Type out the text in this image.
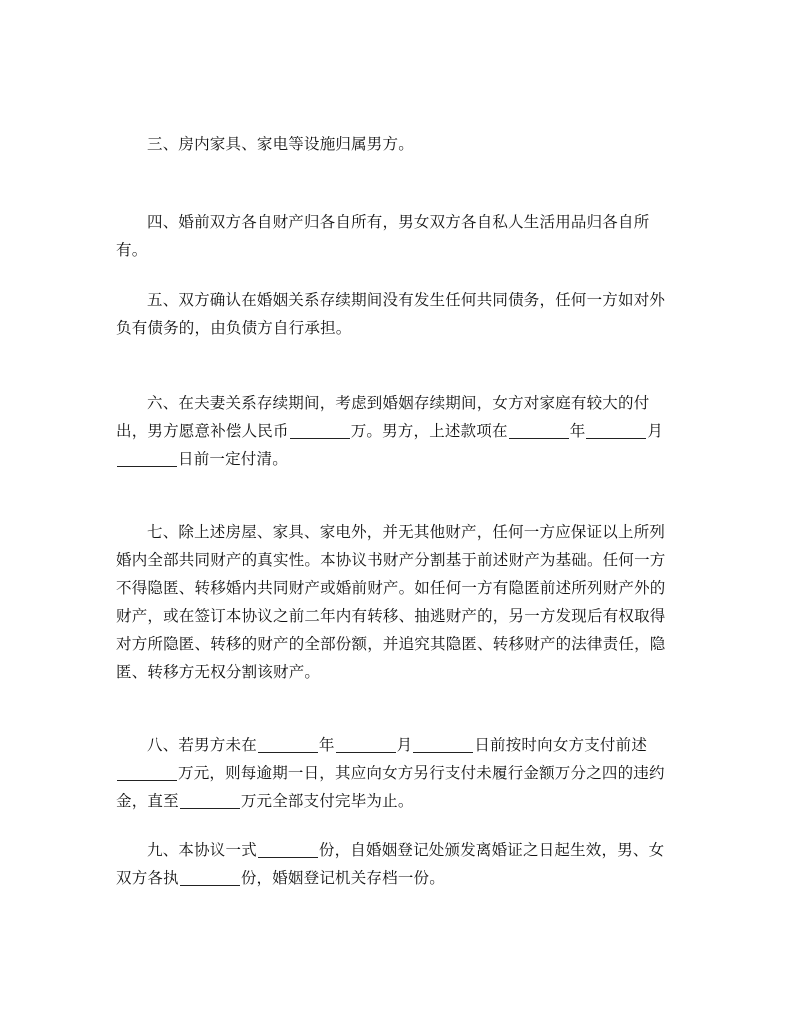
三、房内家具、家电等设施归属男方。

四、婚前双方各自财产归各自所有，男女双方各自私人生活用品归各自所有。

五、双方确认在婚姻关系存续期间没有发生任何共同债务，任何一方如对外负有债务的，由负债方自行承担。

六、在夫妻关系存续期间，考虑到婚姻存续期间，女方对家庭有较大的付出，男方愿意补偿人民币	万。男方，上述款项在	年	月日前一定付清。

七、除上述房屋、家具、家电外，并无其他财产，任何一方应保证以上所列婚内全部共同财产的真实性。本协议书财产分割基于前述财产为基础。任何一方不得隐匿、转移婚内共同财产或婚前财产。如任何一方有隐匿前述所列财产外的财产，或在签订本协议之前二年内有转移、抽逃财产的，另一方发现后有权取得对方所隐匿、转移的财产的全部份额，并追究其隐匿、转移财产的法律责任，隐匿、转移方无权分割该财产。

八、若男方未在	年	月	日前按时向女方支付前述万元，则每逾期一日，其应向女方另行支付未履行金额万分之四的违约金，直至	万元全部支付完毕为止。

九、本协议一式	份，自婚姻登记处颁发离婚证之日起生效，男、女双方各执	份，婚姻登记机关存档一份。
